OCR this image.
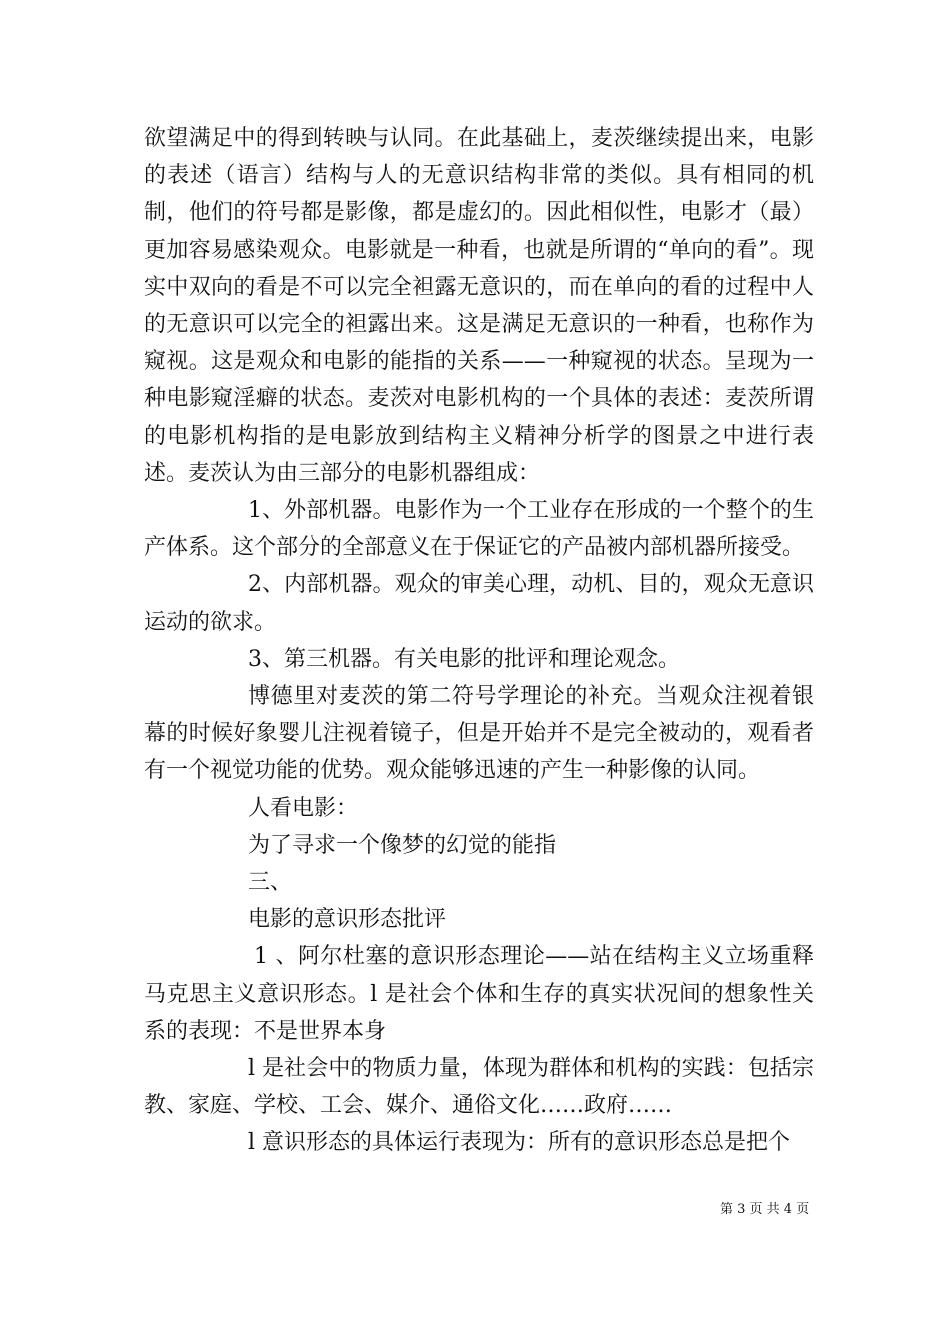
欲望满足中的得到转映与认同。在此基础上，麦茨继续提出来，电影的表述（语言）结构与人的无意识结构非常的类似。具有相同的机制，他们的符号都是影像，都是虚幻的。因此相似性，电影才（最）更加容易感染观众。电影就是一种看，也就是所谓的“单向的看”。现实中双向的看是不可以完全袒露无意识的，而在单向的看的过程中人的无意识可以完全的袒露出来。这是满足无意识的一种看，也称作为窥视。这是观众和电影的能指的关系——一种窥视的状态。呈现为一种电影窥淫癖的状态。麦茨对电影机构的一个具体的表述：麦茨所谓的电影机构指的是电影放到结构主义精神分析学的图景之中进行表述。麦茨认为由三部分的电影机器组成：

1、外部机器。电影作为一个工业存在形成的一个整个的生产体系。这个部分的全部意义在于保证它的产品被内部机器所接受。

2、内部机器。观众的审美心理，动机、目的，观众无意识运动的欲求。

3、第三机器。有关电影的批评和理论观念。

博德里对麦茨的第二符号学理论的补充。当观众注视着银幕的时候好象婴儿注视着镜子，但是开始并不是完全被动的，观看者有一个视觉功能的优势。观众能够迅速的产生一种影像的认同。

人看电影：

为了寻求一个像梦的幻觉的能指

三、

电影的意识形态批评

1 、阿尔杜塞的意识形态理论——站在结构主义立场重释马克思主义意识形态。l 是社会个体和生存的真实状况间的想象性关系的表现：不是世界本身

l 是社会中的物质力量，体现为群体和机构的实践：包括宗教、家庭、学校、工会、媒介、通俗文化……政府……

l 意识形态的具体运行表现为：所有的意识形态总是把个

第 3 页 共 4 页
